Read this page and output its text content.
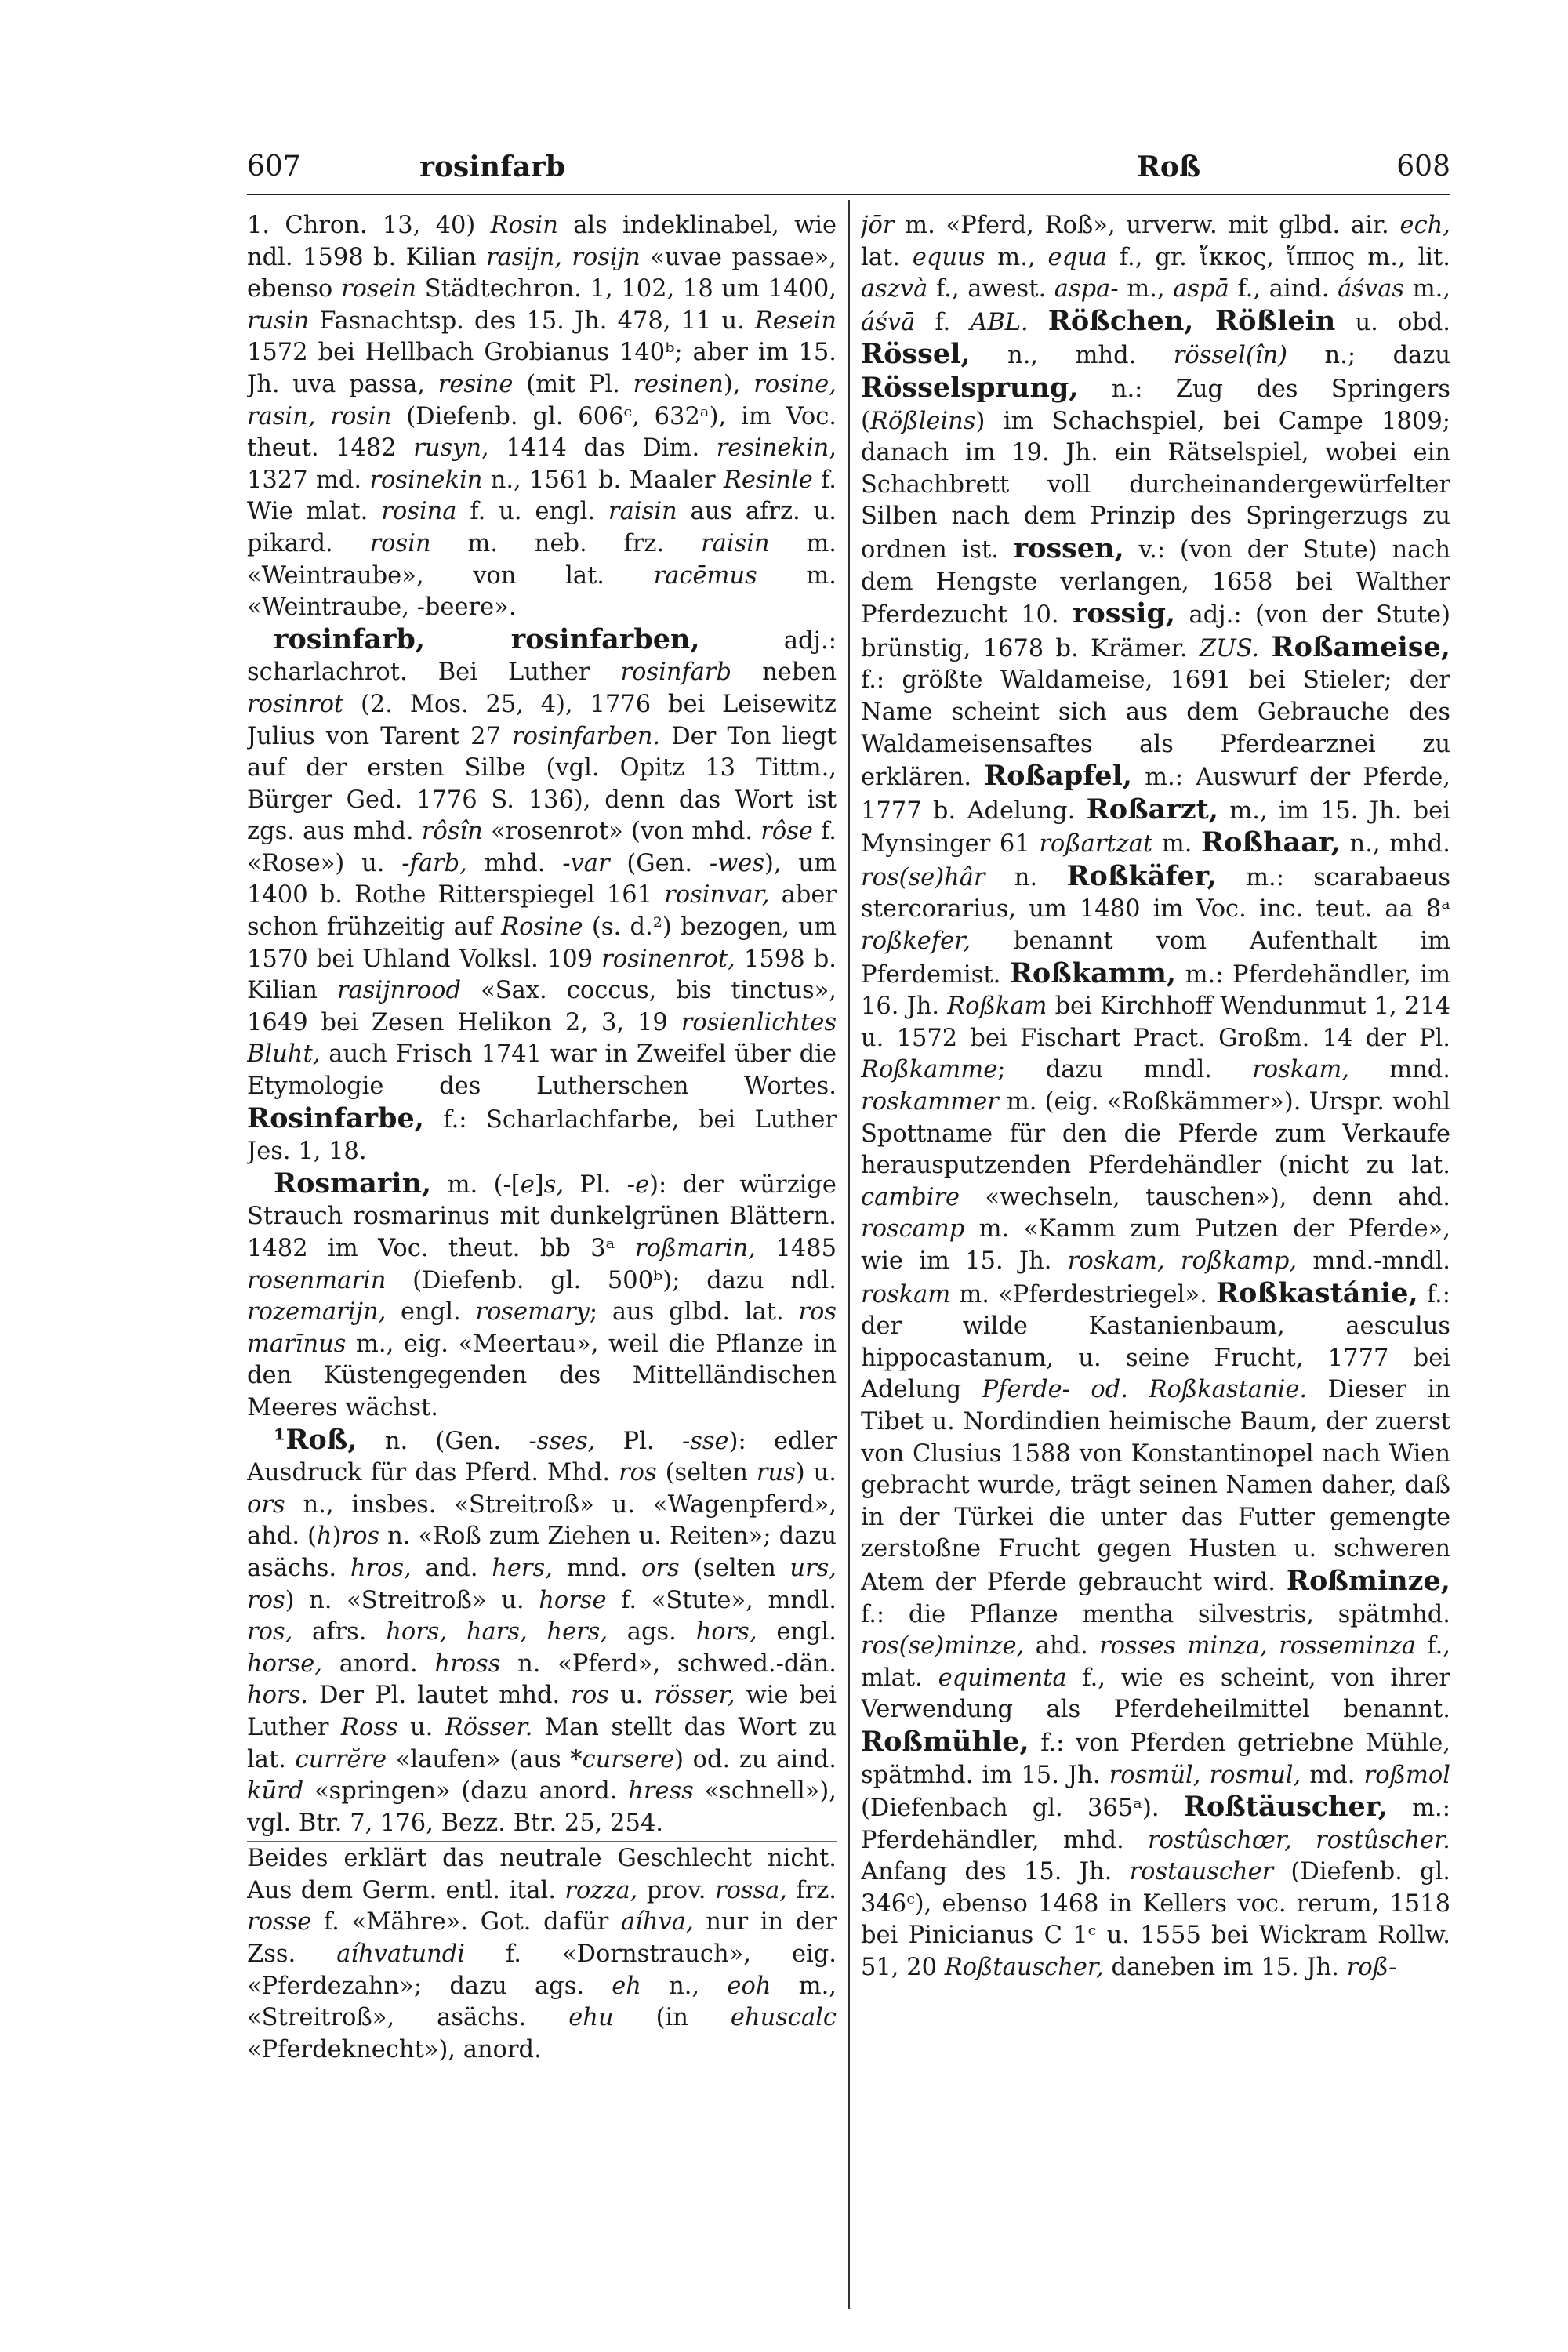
607	rosinfarb	Roß	608

1. Chron. 13, 40) Rosin als indeklinabel, wie ndl. 1598 b. Kilian rasijn, rosijn «uvae passae», ebenso rosein Städtechron. 1, 102, 18 um 1400, rusin Fasnachtsp. des 15. Jh. 478, 11 u. Resein 1572 bei Hellbach Grobianus 140ᵇ; aber im 15. Jh. uva passa, resine (mit Pl. resinen), rosine, rasin, rosin (Diefenb. gl. 606ᶜ, 632ᵃ), im Voc. theut. 1482 rusyn, 1414 das Dim. resinekin, 1327 md. rosinekin n., 1561 b. Maaler Resinle f. Wie mlat. rosina f. u. engl. raisin aus afrz. u. pikard. rosin m. neb. frz. raisin m. «Weintraube», von lat. racēmus m. «Weintraube, -beere».

rosinfarb, rosinfarben, adj.: scharlachrot. Bei Luther rosinfarb neben rosinrot (2. Mos. 25, 4), 1776 bei Leisewitz Julius von Tarent 27 rosinfarben. Der Ton liegt auf der ersten Silbe (vgl. Opitz 13 Tittm., Bürger Ged. 1776 S. 136), denn das Wort ist zgs. aus mhd. rôsîn «rosenrot» (von mhd. rôse f. «Rose») u. -farb, mhd. -var (Gen. -wes), um 1400 b. Rothe Ritterspiegel 161 rosinvar, aber schon frühzeitig auf Rosine (s. d.²) bezogen, um 1570 bei Uhland Volksl. 109 rosinenrot, 1598 b. Kilian rasijnrood «Sax. coccus, bis tinctus», 1649 bei Zesen Helikon 2, 3, 19 rosienlichtes Bluht, auch Frisch 1741 war in Zweifel über die Etymologie des Lutherschen Wortes. Rosinfarbe, f.: Scharlachfarbe, bei Luther Jes. 1, 18.

Rosmarin, m. (-[e]s, Pl. -e): der würzige Strauch rosmarinus mit dunkelgrünen Blättern. 1482 im Voc. theut. bb 3ᵃ roßmarin, 1485 rosenmarin (Diefenb. gl. 500ᵇ); dazu ndl. rozemarijn, engl. rosemary; aus glbd. lat. ros marīnus m., eig. «Meertau», weil die Pflanze in den Küstengegenden des Mittelländischen Meeres wächst.

¹Roß, n. (Gen. -sses, Pl. -sse): edler Ausdruck für das Pferd. Mhd. ros (selten rus) u. ors n., insbes. «Streitroß» u. «Wagenpferd», ahd. (h)ros n. «Roß zum Ziehen u. Reiten»; dazu asächs. hros, and. hers, mnd. ors (selten urs, ros) n. «Streitroß» u. horse f. «Stute», mndl. ros, afrs. hors, hars, hers, ags. hors, engl. horse, anord. hross n. «Pferd», schwed.-dän. hors. Der Pl. lautet mhd. ros u. rösser, wie bei Luther Ross u. Rösser. Man stellt das Wort zu lat. currĕre «laufen» (aus *cursere) od. zu aind. kūrd «springen» (dazu anord. hress «schnell»), vgl. Btr. 7, 176, Bezz. Btr. 25, 254.

Beides erklärt das neutrale Geschlecht nicht. Aus dem Germ. entl. ital. rozza, prov. rossa, frz. rosse f. «Mähre». Got. dafür aíhva, nur in der Zss. aíhvatundi f. «Dornstrauch», eig. «Pferdezahn»; dazu ags. eh n., eoh m., «Streitroß», asächs. ehu (in ehuscalc «Pferdeknecht»), anord.

jōr m. «Pferd, Roß», urverw. mit glbd. air. ech, lat. equus m., equa f., gr. ἴκκος, ἵππος m., lit. aszvà f., awest. aspa- m., aspā f., aind. áśvas m., áśvā f. ABL. Rößchen, Rößlein u. obd. Rössel, n., mhd. rössel(în) n.; dazu Rösselsprung, n.: Zug des Springers (Rößleins) im Schachspiel, bei Campe 1809; danach im 19. Jh. ein Rätselspiel, wobei ein Schachbrett voll durcheinandergewürfelter Silben nach dem Prinzip des Springerzugs zu ordnen ist. rossen, v.: (von der Stute) nach dem Hengste verlangen, 1658 bei Walther Pferdezucht 10. rossig, adj.: (von der Stute) brünstig, 1678 b. Krämer. ZUS. Roßameise, f.: größte Waldameise, 1691 bei Stieler; der Name scheint sich aus dem Gebrauche des Waldameisensaftes als Pferdearznei zu erklären. Roßapfel, m.: Auswurf der Pferde, 1777 b. Adelung. Roßarzt, m., im 15. Jh. bei Mynsinger 61 roßartzat m. Roßhaar, n., mhd. ros(se)hâr n. Roßkäfer, m.: scarabaeus stercorarius, um 1480 im Voc. inc. teut. aa 8ᵃ roßkefer, benannt vom Aufenthalt im Pferdemist. Roßkamm, m.: Pferdehändler, im 16. Jh. Roßkam bei Kirchhoff Wendunmut 1, 214 u. 1572 bei Fischart Pract. Großm. 14 der Pl. Roßkamme; dazu mndl. roskam, mnd. roskammer m. (eig. «Roßkämmer»). Urspr. wohl Spottname für den die Pferde zum Verkaufe herausputzenden Pferdehändler (nicht zu lat. cambire «wechseln, tauschen»), denn ahd. roscamp m. «Kamm zum Putzen der Pferde», wie im 15. Jh. roskam, roßkamp, mnd.-mndl. roskam m. «Pferdestriegel». Roßkastánie, f.: der wilde Kastanienbaum, aesculus hippocastanum, u. seine Frucht, 1777 bei Adelung Pferde- od. Roßkastanie. Dieser in Tibet u. Nordindien heimische Baum, der zuerst von Clusius 1588 von Konstantinopel nach Wien gebracht wurde, trägt seinen Namen daher, daß in der Türkei die unter das Futter gemengte zerstoßne Frucht gegen Husten u. schweren Atem der Pferde gebraucht wird. Roßminze, f.: die Pflanze mentha silvestris, spätmhd. ros(se)minze, ahd. rosses minza, rosseminza f., mlat. equimenta f., wie es scheint, von ihrer Verwendung als Pferdeheilmittel benannt. Roßmühle, f.: von Pferden getriebne Mühle, spätmhd. im 15. Jh. rosmül, rosmul, md. roßmol (Diefenbach gl. 365ᵃ). Roßtäuscher, m.: Pferdehändler, mhd. rostûschœr, rostûscher. Anfang des 15. Jh. rostauscher (Diefenb. gl. 346ᶜ), ebenso 1468 in Kellers voc. rerum, 1518 bei Pinicianus C 1ᶜ u. 1555 bei Wickram Rollw. 51, 20 Roßtauscher, daneben im 15. Jh. roß-
